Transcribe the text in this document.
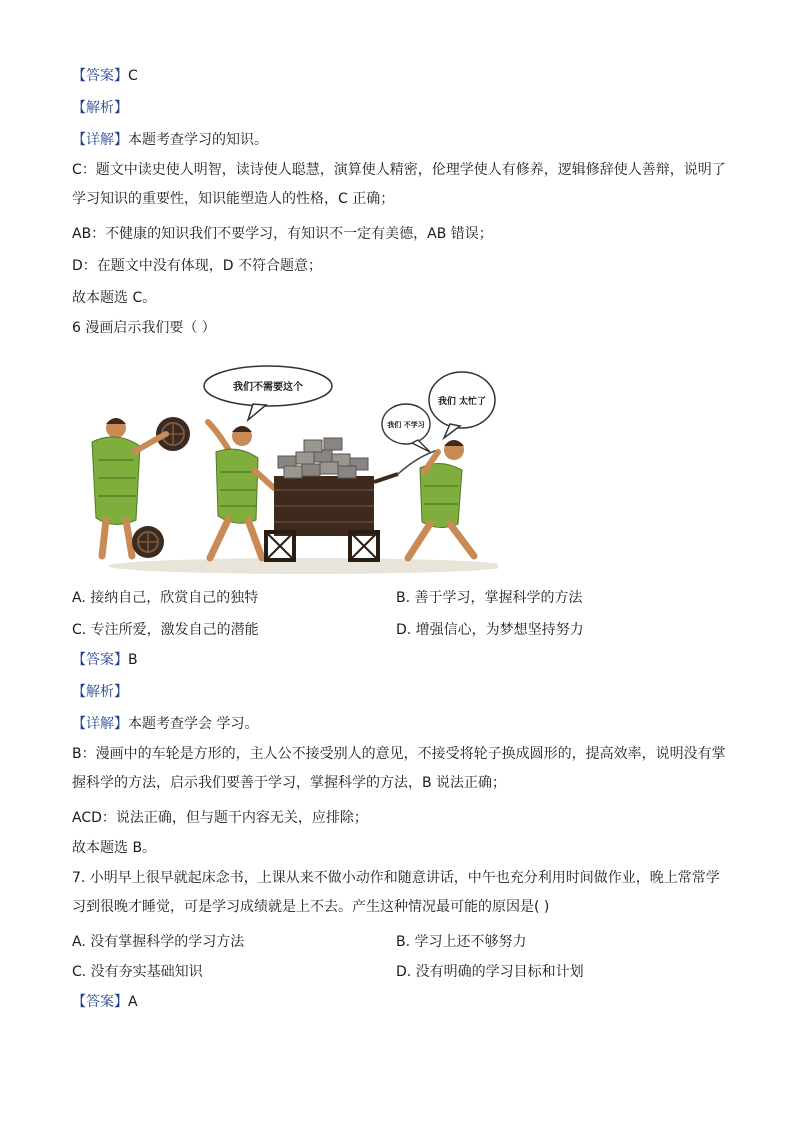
【答案】C
【解析】
【详解】本题考查学习的知识。
C：题文中读史使人明智，读诗使人聪慧，演算使人精密，伦理学使人有修养，逻辑修辞使人善辩，说明了学习知识的重要性，知识能塑造人的性格，C 正确；
AB：不健康的知识我们不要学习，有知识不一定有美德，AB 错误；
D：在题文中没有体现，D 不符合题意；
故本题选 C。
6 漫画启示我们要（ ）
我们不需要这个
我们 不学习
我们 太忙了
A. 接纳自己，欣赏自己的独特	B. 善于学习，掌握科学的方法
C. 专注所爱，激发自己的潜能	D. 增强信心，为梦想坚持努力
【答案】B
【解析】
【详解】本题考查学会 学习。
B：漫画中的车轮是方形的，主人公不接受别人的意见，不接受将轮子换成圆形的，提高效率，说明没有掌握科学的方法，启示我们要善于学习，掌握科学的方法，B 说法正确；
ACD：说法正确，但与题干内容无关，应排除；
故本题选 B。
7. 小明早上很早就起床念书，上课从来不做小动作和随意讲话，中午也充分利用时间做作业，晚上常常学习到很晚才睡觉，可是学习成绩就是上不去。产生这种情况最可能的原因是( )
A. 没有掌握科学的学习方法	B. 学习上还不够努力
C. 没有夯实基础知识	D. 没有明确的学习目标和计划
【答案】A
